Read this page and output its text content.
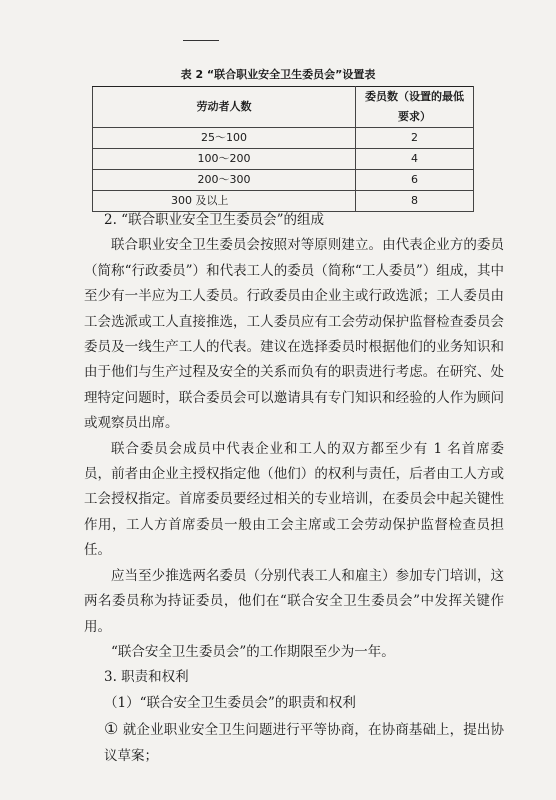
表 2 “联合职业安全卫生委员会”设置表
劳动者人数	委员数（设置的最低要求）
25～100	2
100～200	4
200～300	6
300 及以上	8

2. “联合职业安全卫生委员会”的组成

联合职业安全卫生委员会按照对等原则建立。由代表企业方的委员（简称“行政委员”）和代表工人的委员（简称“工人委员”）组成，其中至少有一半应为工人委员。行政委员由企业主或行政选派；工人委员由工会选派或工人直接推选，工人委员应有工会劳动保护监督检查委员会委员及一线生产工人的代表。建议在选择委员时根据他们的业务知识和由于他们与生产过程及安全的关系而负有的职责进行考虑。在研究、处理特定问题时，联合委员会可以邀请具有专门知识和经验的人作为顾问或观察员出席。

联合委员会成员中代表企业和工人的双方都至少有 1 名首席委员，前者由企业主授权指定他（他们）的权利与责任，后者由工人方或工会授权指定。首席委员要经过相关的专业培训，在委员会中起关键性作用，工人方首席委员一般由工会主席或工会劳动保护监督检查员担任。

应当至少推选两名委员（分别代表工人和雇主）参加专门培训，这两名委员称为持证委员，他们在“联合安全卫生委员会”中发挥关键作用。

“联合安全卫生委员会”的工作期限至少为一年。

3. 职责和权利

（1）“联合安全卫生委员会”的职责和权利

① 就企业职业安全卫生问题进行平等协商，在协商基础上，提出协议草案；
